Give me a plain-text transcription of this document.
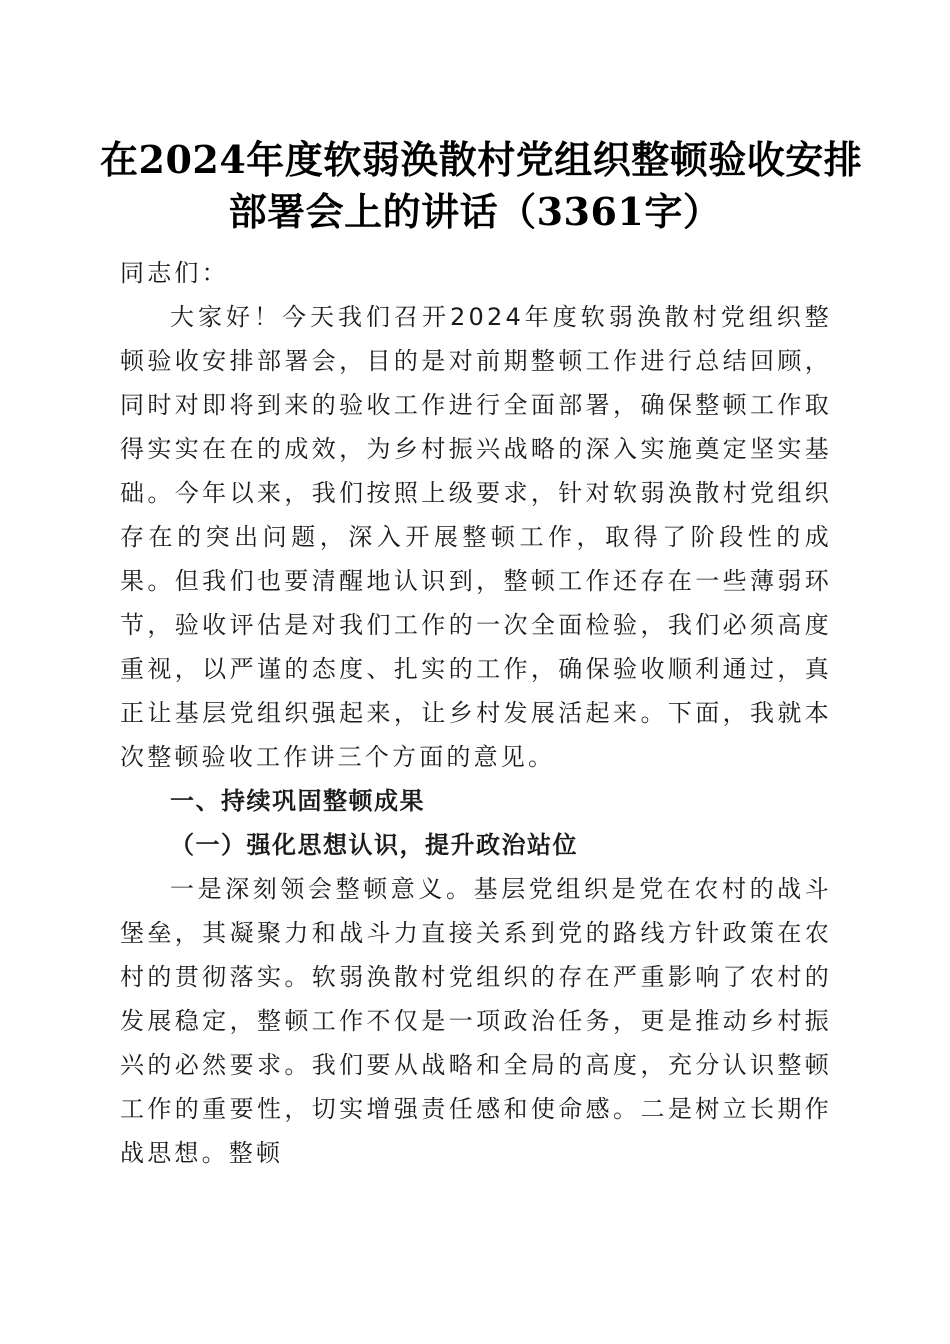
在2024年度软弱涣散村党组织整顿验收安排
部署会上的讲话（3361字）

同志们：

大家好！今天我们召开2024年度软弱涣散村党组织整顿验收安排部署会，目的是对前期整顿工作进行总结回顾，同时对即将到来的验收工作进行全面部署，确保整顿工作取得实实在在的成效，为乡村振兴战略的深入实施奠定坚实基础。今年以来，我们按照上级要求，针对软弱涣散村党组织存在的突出问题，深入开展整顿工作，取得了阶段性的成果。但我们也要清醒地认识到，整顿工作还存在一些薄弱环节，验收评估是对我们工作的一次全面检验，我们必须高度重视，以严谨的态度、扎实的工作，确保验收顺利通过，真正让基层党组织强起来，让乡村发展活起来。下面，我就本次整顿验收工作讲三个方面的意见。

一、持续巩固整顿成果

（一）强化思想认识，提升政治站位

一是深刻领会整顿意义。基层党组织是党在农村的战斗堡垒，其凝聚力和战斗力直接关系到党的路线方针政策在农村的贯彻落实。软弱涣散村党组织的存在严重影响了农村的发展稳定，整顿工作不仅是一项政治任务，更是推动乡村振兴的必然要求。我们要从战略和全局的高度，充分认识整顿工作的重要性，切实增强责任感和使命感。二是树立长期作战思想。整顿
